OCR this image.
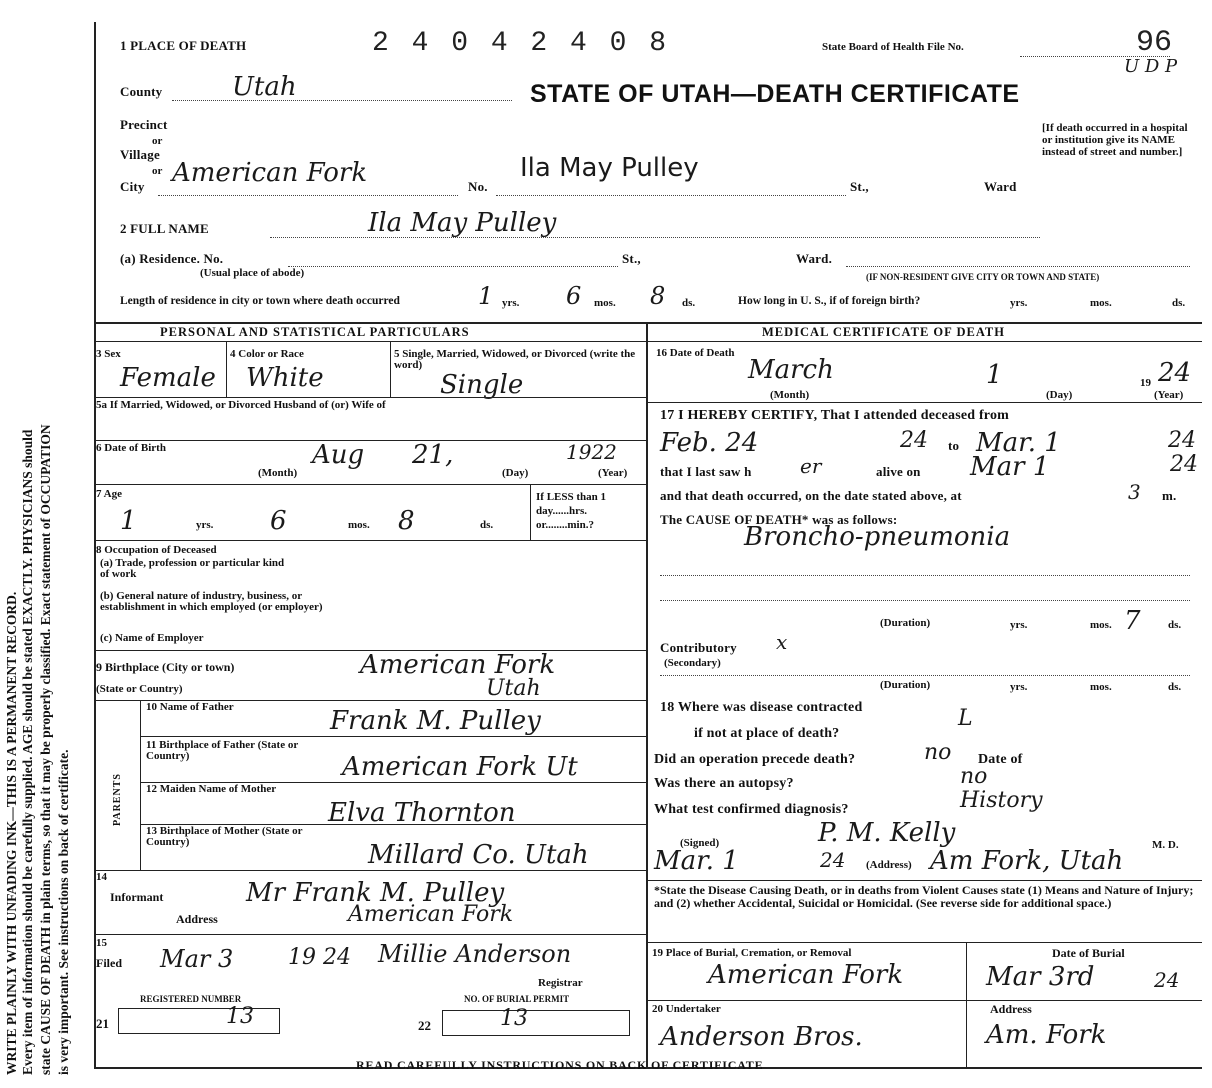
WRITE PLAINLY WITH UNFADING INK—THIS IS A PERMANENT RECORD. Every item of information should be carefully supplied. AGE should be stated EXACTLY. PHYSICIANS should state CAUSE OF DEATH in plain terms, so that it may be properly classified. Exact statement of OCCUPATION is very important. See instructions on back of certificate.
1 PLACE OF DEATH	2 4 0 4 2 4 0 8	State Board of Health File No.	96
U D P
STATE OF UTAH—DEATH CERTIFICATE
County	Utah
Precinct
or
Village
or
City American Fork	No.
Ila May Pulley
St.,	Ward
[If death occurred in a hospital or institution give its NAME instead of street and number.]
2 FULL NAME	Ila May Pulley
(a) Residence. No.
(Usual place of abode)
St.,	Ward.
(IF NON-RESIDENT GIVE CITY OR TOWN AND STATE)
Length of residence in city or town where death occurred	1 yrs. 6 mos. 8 ds.	How long in U. S., if of foreign birth?	yrs.	mos.	ds.
PERSONAL AND STATISTICAL PARTICULARS
3 Sex
Female
4 Color or Race
White
5 Single, Married, Widowed, or Divorced (write the word)
Single
5a If Married, Widowed, or Divorced Husband of (or) Wife of
6 Date of Birth	Aug 21,	1922
(Month)	(Day)	(Year)
7 Age
1	yrs. 6	mos. 8	ds.
If LESS than 1 day......hrs. or........min.?
8 Occupation of Deceased
(a) Trade, profession or particular kind of work
(b) General nature of industry, business, or establishment in which employed (or employer)
(c) Name of Employer
9 Birthplace (City or town)	American Fork
(State or Country)	Utah
PARENTS
10 Name of Father	Frank M. Pulley
11 Birthplace of Father (State or Country)	American Fork Ut
12 Maiden Name of Mother
Elva Thornton
13 Birthplace of Mother (State or Country)	Millard Co. Utah
14
Informant	Mr Frank M. Pulley
Address	American Fork
15
Filed Mar 3 19 24 Millie Anderson
Registrar
REGISTERED NUMBER
21	13
NO. OF BURIAL PERMIT
22	13
MEDICAL CERTIFICATE OF DEATH
16 Date of Death
March	1	19 24
(Month)	(Day)	(Year)
17 I HEREBY CERTIFY, That I attended deceased from
Feb. 24	24 to Mar. 1	24
that I last saw h er	alive on Mar 1	24
and that death occurred, on the date stated above, at	3 m.
The CAUSE OF DEATH* was as follows:
Broncho-pneumonia
(Duration)	yrs.	mos. 7 ds.
Contributory
(Secondary)
x
(Duration)	yrs.	mos.	ds.
18 Where was disease contracted
if not at place of death?
L
Did an operation precede death?	no Date of
Was there an autopsy?	no
What test confirmed diagnosis?	History
(Signed)	P. M. Kelly	M. D.
Mar. 1	24 (Address) Am Fork, Utah
*State the Disease Causing Death, or in deaths from Violent Causes state (1) Means and Nature of Injury; and (2) whether Accidental, Suicidal or Homicidal. (See reverse side for additional space.)
19 Place of Burial, Cremation, or Removal
American Fork
Date of Burial
Mar 3rd	24
20 Undertaker
Anderson Bros.
Address
Am. Fork
READ CAREFULLY INSTRUCTIONS ON BACK OF CERTIFICATE
